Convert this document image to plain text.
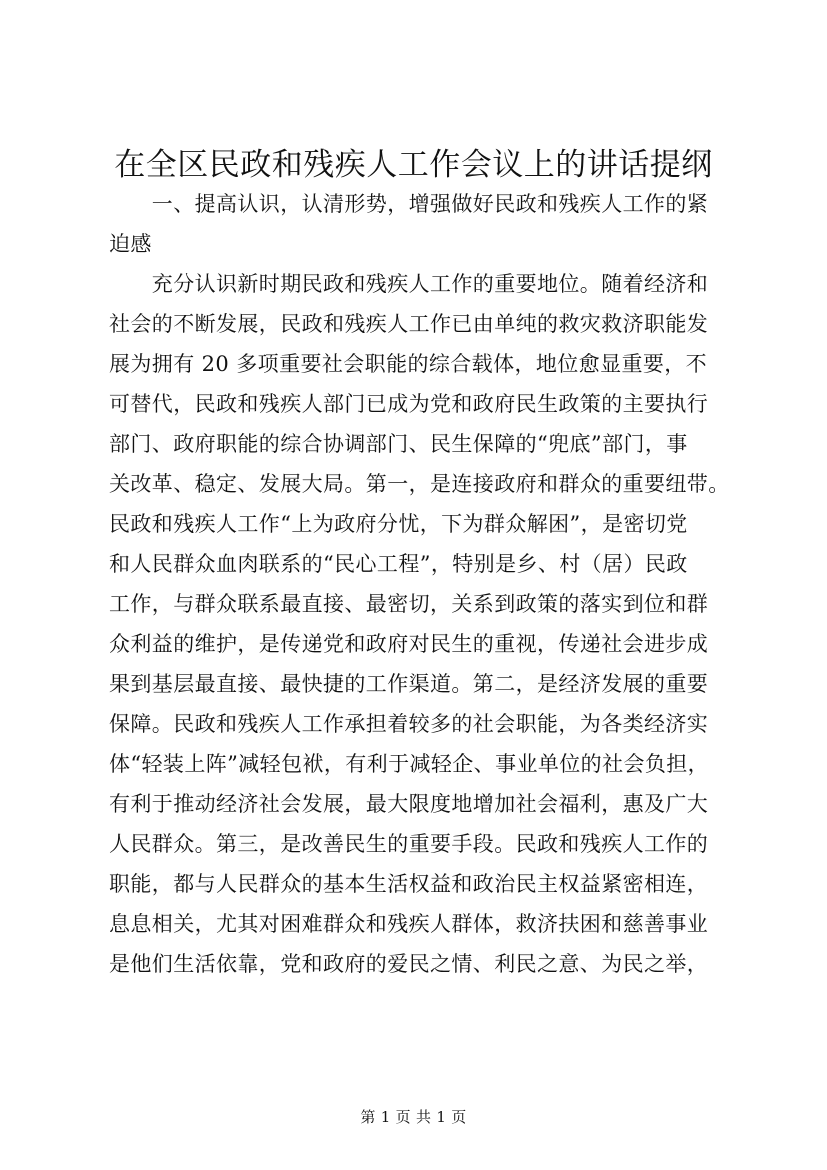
在全区民政和残疾人工作会议上的讲话提纲
　　一、提高认识，认清形势，增强做好民政和残疾人工作的紧
迫感
　　充分认识新时期民政和残疾人工作的重要地位。随着经济和
社会的不断发展，民政和残疾人工作已由单纯的救灾救济职能发
展为拥有 20 多项重要社会职能的综合载体，地位愈显重要，不
可替代，民政和残疾人部门已成为党和政府民生政策的主要执行
部门、政府职能的综合协调部门、民生保障的“兜底”部门，事
关改革、稳定、发展大局。第一，是连接政府和群众的重要纽带。
民政和残疾人工作“上为政府分忧，下为群众解困”，是密切党
和人民群众血肉联系的“民心工程”，特别是乡、村（居）民政
工作，与群众联系最直接、最密切，关系到政策的落实到位和群
众利益的维护，是传递党和政府对民生的重视，传递社会进步成
果到基层最直接、最快捷的工作渠道。第二，是经济发展的重要
保障。民政和残疾人工作承担着较多的社会职能，为各类经济实
体“轻装上阵”减轻包袱，有利于减轻企、事业单位的社会负担，
有利于推动经济社会发展，最大限度地增加社会福利，惠及广大
人民群众。第三，是改善民生的重要手段。民政和残疾人工作的
职能，都与人民群众的基本生活权益和政治民主权益紧密相连，
息息相关，尤其对困难群众和残疾人群体，救济扶困和慈善事业
是他们生活依靠，党和政府的爱民之情、利民之意、为民之举，
第 1 页 共 1 页
